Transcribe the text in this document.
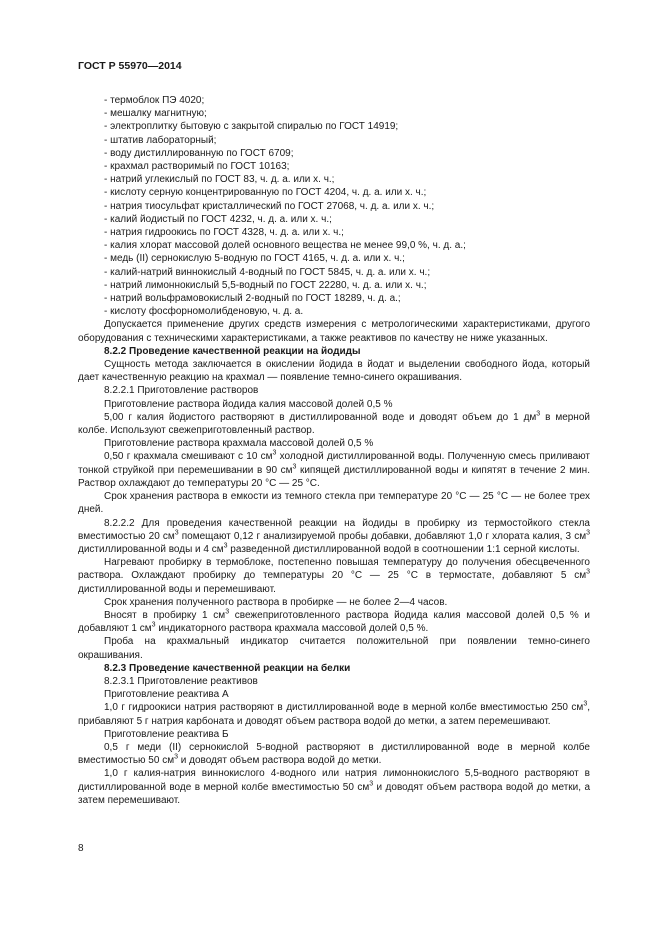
ГОСТ Р 55970—2014
- термоблок ПЭ 4020;
- мешалку магнитную;
- электроплитку бытовую с закрытой спиралью по ГОСТ 14919;
- штатив лабораторный;
- воду дистиллированную по ГОСТ 6709;
- крахмал растворимый по ГОСТ 10163;
- натрий углекислый по ГОСТ 83, ч. д. а. или х. ч.;
- кислоту серную концентрированную по ГОСТ 4204, ч. д. а. или х. ч.;
- натрия тиосульфат кристаллический по ГОСТ 27068, ч. д. а. или х. ч.;
- калий йодистый по ГОСТ 4232, ч. д. а. или х. ч.;
- натрия гидроокись по ГОСТ 4328, ч. д. а. или х. ч.;
- калия хлорат массовой долей основного вещества не менее 99,0 %, ч. д. а.;
- медь (II) сернокислую 5-водную по ГОСТ 4165, ч. д. а. или х. ч.;
- калий-натрий виннокислый 4-водный по ГОСТ 5845, ч. д. а. или х. ч.;
- натрий лимоннокислый 5,5-водный по ГОСТ 22280, ч. д. а. или х. ч.;
- натрий вольфрамовокислый 2-водный по ГОСТ 18289, ч. д. а.;
- кислоту фосфорномолибденовую, ч. д. а.

Допускается применение других средств измерения с метрологическими характеристиками, другого оборудования с техническими характеристиками, а также реактивов по качеству не ниже указанных.

8.2.2 Проведение качественной реакции на йодиды

Сущность метода заключается в окислении йодида в йодат и выделении свободного йода, который дает качественную реакцию на крахмал — появление темно-синего окрашивания.

8.2.2.1 Приготовление растворов

Приготовление раствора йодида калия массовой долей 0,5 %

5,00 г калия йодистого растворяют в дистиллированной воде и доводят объем до 1 $дм^3$ в мерной колбе. Используют свежеприготовленный раствор.

Приготовление раствора крахмала массовой долей 0,5 %

0,50 г крахмала смешивают с 10 $см^3$ холодной дистиллированной воды. Полученную смесь приливают тонкой струйкой при перемешивании в 90 $см^3$ кипящей дистиллированной воды и кипятят в течение 2 мин. Раствор охлаждают до температуры 20 °С — 25 °С.

Срок хранения раствора в емкости из темного стекла при температуре 20 °С — 25 °С — не более трех дней.

8.2.2.2 Для проведения качественной реакции на йодиды в пробирку из термостойкого стекла вместимостью 20 $см^3$ помещают 0,12 г анализируемой пробы добавки, добавляют 1,0 г хлората калия, 3 $см^3$ дистиллированной воды и 4 $см^3$ разведенной дистиллированной водой в соотношении 1:1 серной кислоты.

Нагревают пробирку в термоблоке, постепенно повышая температуру до получения обесцвеченного раствора. Охлаждают пробирку до температуры 20 °С — 25 °С в термостате, добавляют 5 $см^3$ дистиллированной воды и перемешивают.

Срок хранения полученного раствора в пробирке — не более 2—4 часов.

Вносят в пробирку 1 $см^3$ свежеприготовленного раствора йодида калия массовой долей 0,5 % и добавляют 1 $см^3$ индикаторного раствора крахмала массовой долей 0,5 %.

Проба на крахмальный индикатор считается положительной при появлении темно-синего окрашивания.

8.2.3 Проведение качественной реакции на белки

8.2.3.1 Приготовление реактивов

Приготовление реактива А

1,0 г гидроокиси натрия растворяют в дистиллированной воде в мерной колбе вместимостью 250 $см^3$, прибавляют 5 г натрия карбоната и доводят объем раствора водой до метки, а затем перемешивают.

Приготовление реактива Б

0,5 г меди (II) сернокислой 5-водной растворяют в дистиллированной воде в мерной колбе вместимостью 50 $см^3$ и доводят объем раствора водой до метки.

1,0 г калия-натрия виннокислого 4-водного или натрия лимоннокислого 5,5-водного растворяют в дистиллированной воде в мерной колбе вместимостью 50 $см^3$ и доводят объем раствора водой до метки, а затем перемешивают.

8
